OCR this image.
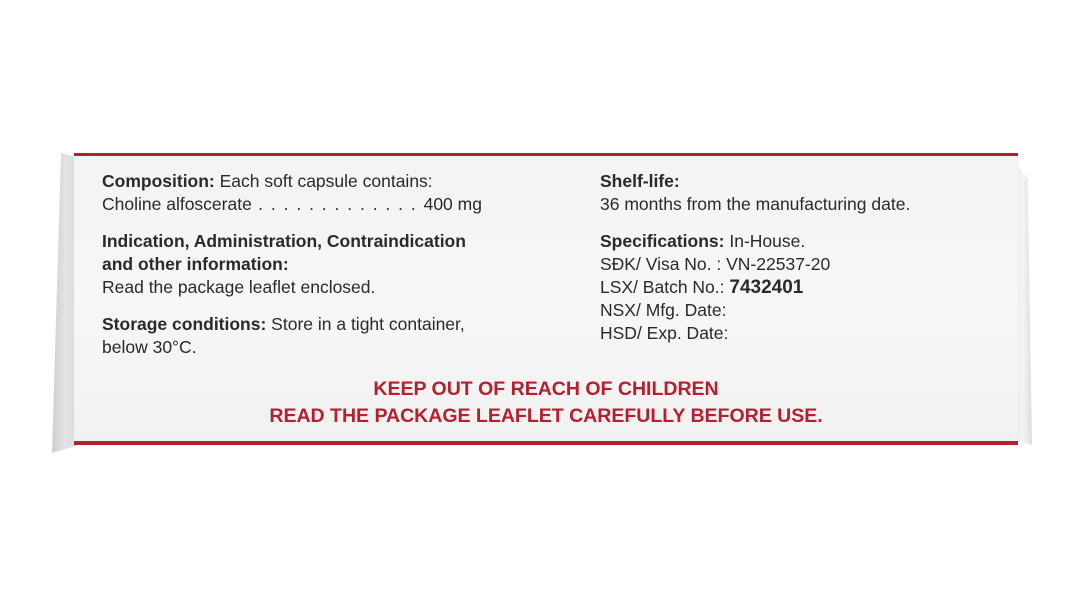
Composition: Each soft capsule contains:
Choline alfoscerate . . . . . . . . . . . . . 400 mg
Indication, Administration, Contraindication
and other information:
Read the package leaflet enclosed.
Storage conditions: Store in a tight container,
below 30°C.
Shelf-life:
36 months from the manufacturing date.
Specifications: In-House.
SĐK/ Visa No. : VN-22537-20
LSX/ Batch No.: 7432401
NSX/ Mfg. Date:
HSD/ Exp. Date:
KEEP OUT OF REACH OF CHILDREN
READ THE PACKAGE LEAFLET CAREFULLY BEFORE USE.
